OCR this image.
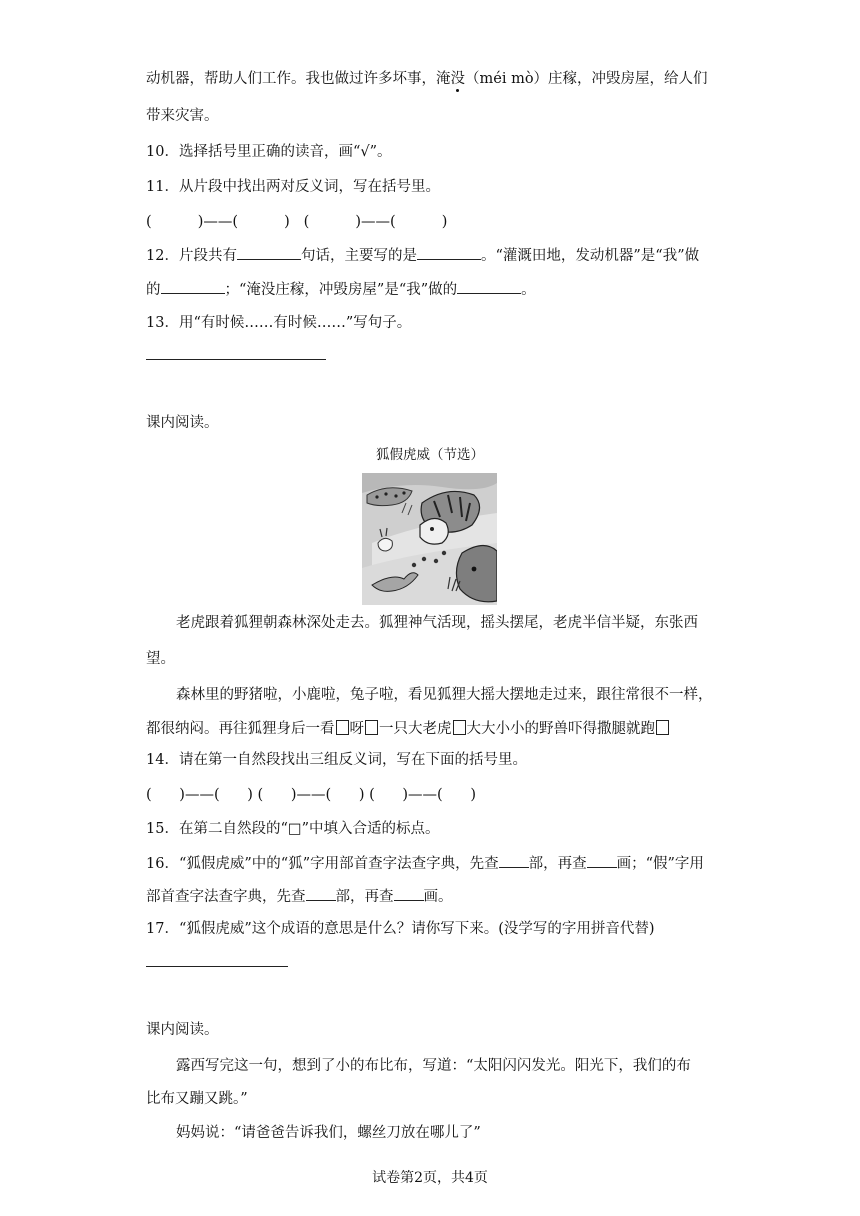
动机器，帮助人们工作。我也做过许多坏事，淹没（méi mò）庄稼，冲毁房屋，给人们
带来灾害。
10．选择括号里正确的读音，画“√”。
11．从片段中找出两对反义词，写在括号里。
(          )——(          )   (          )——(          )
12．片段共有	句话，主要写的是	。“灌溉田地，发动机器”是“我”做
的	；“淹没庄稼，冲毁房屋”是“我”做的	。
13．用“有时候……有时候……”写句子。
课内阅读。
狐假虎威（节选）
老虎跟着狐狸朝森林深处走去。狐狸神气活现，摇头摆尾，老虎半信半疑，东张西
望。
森林里的野猪啦，小鹿啦，兔子啦，看见狐狸大摇大摆地走过来，跟往常很不一样，
都很纳闷。再往狐狸身后一看 呀 一只大老虎 大大小小的野兽吓得撒腿就跑
14．请在第一自然段找出三组反义词，写在下面的括号里。
(      )——(      ) (      )——(      ) (      )——(      )
15．在第二自然段的“□”中填入合适的标点。
16．“狐假虎威”中的“狐”字用部首查字法查字典，先查 部，再查 画；“假”字用
部首查字法查字典，先查 部，再查 画。
17．“狐假虎威”这个成语的意思是什么？请你写下来。(没学写的字用拼音代替)
课内阅读。
露西写完这一句，想到了小的布比布，写道：“太阳闪闪发光。阳光下，我们的布
比布又蹦又跳。”
妈妈说：“请爸爸告诉我们，螺丝刀放在哪儿了”
试卷第2页，共4页
